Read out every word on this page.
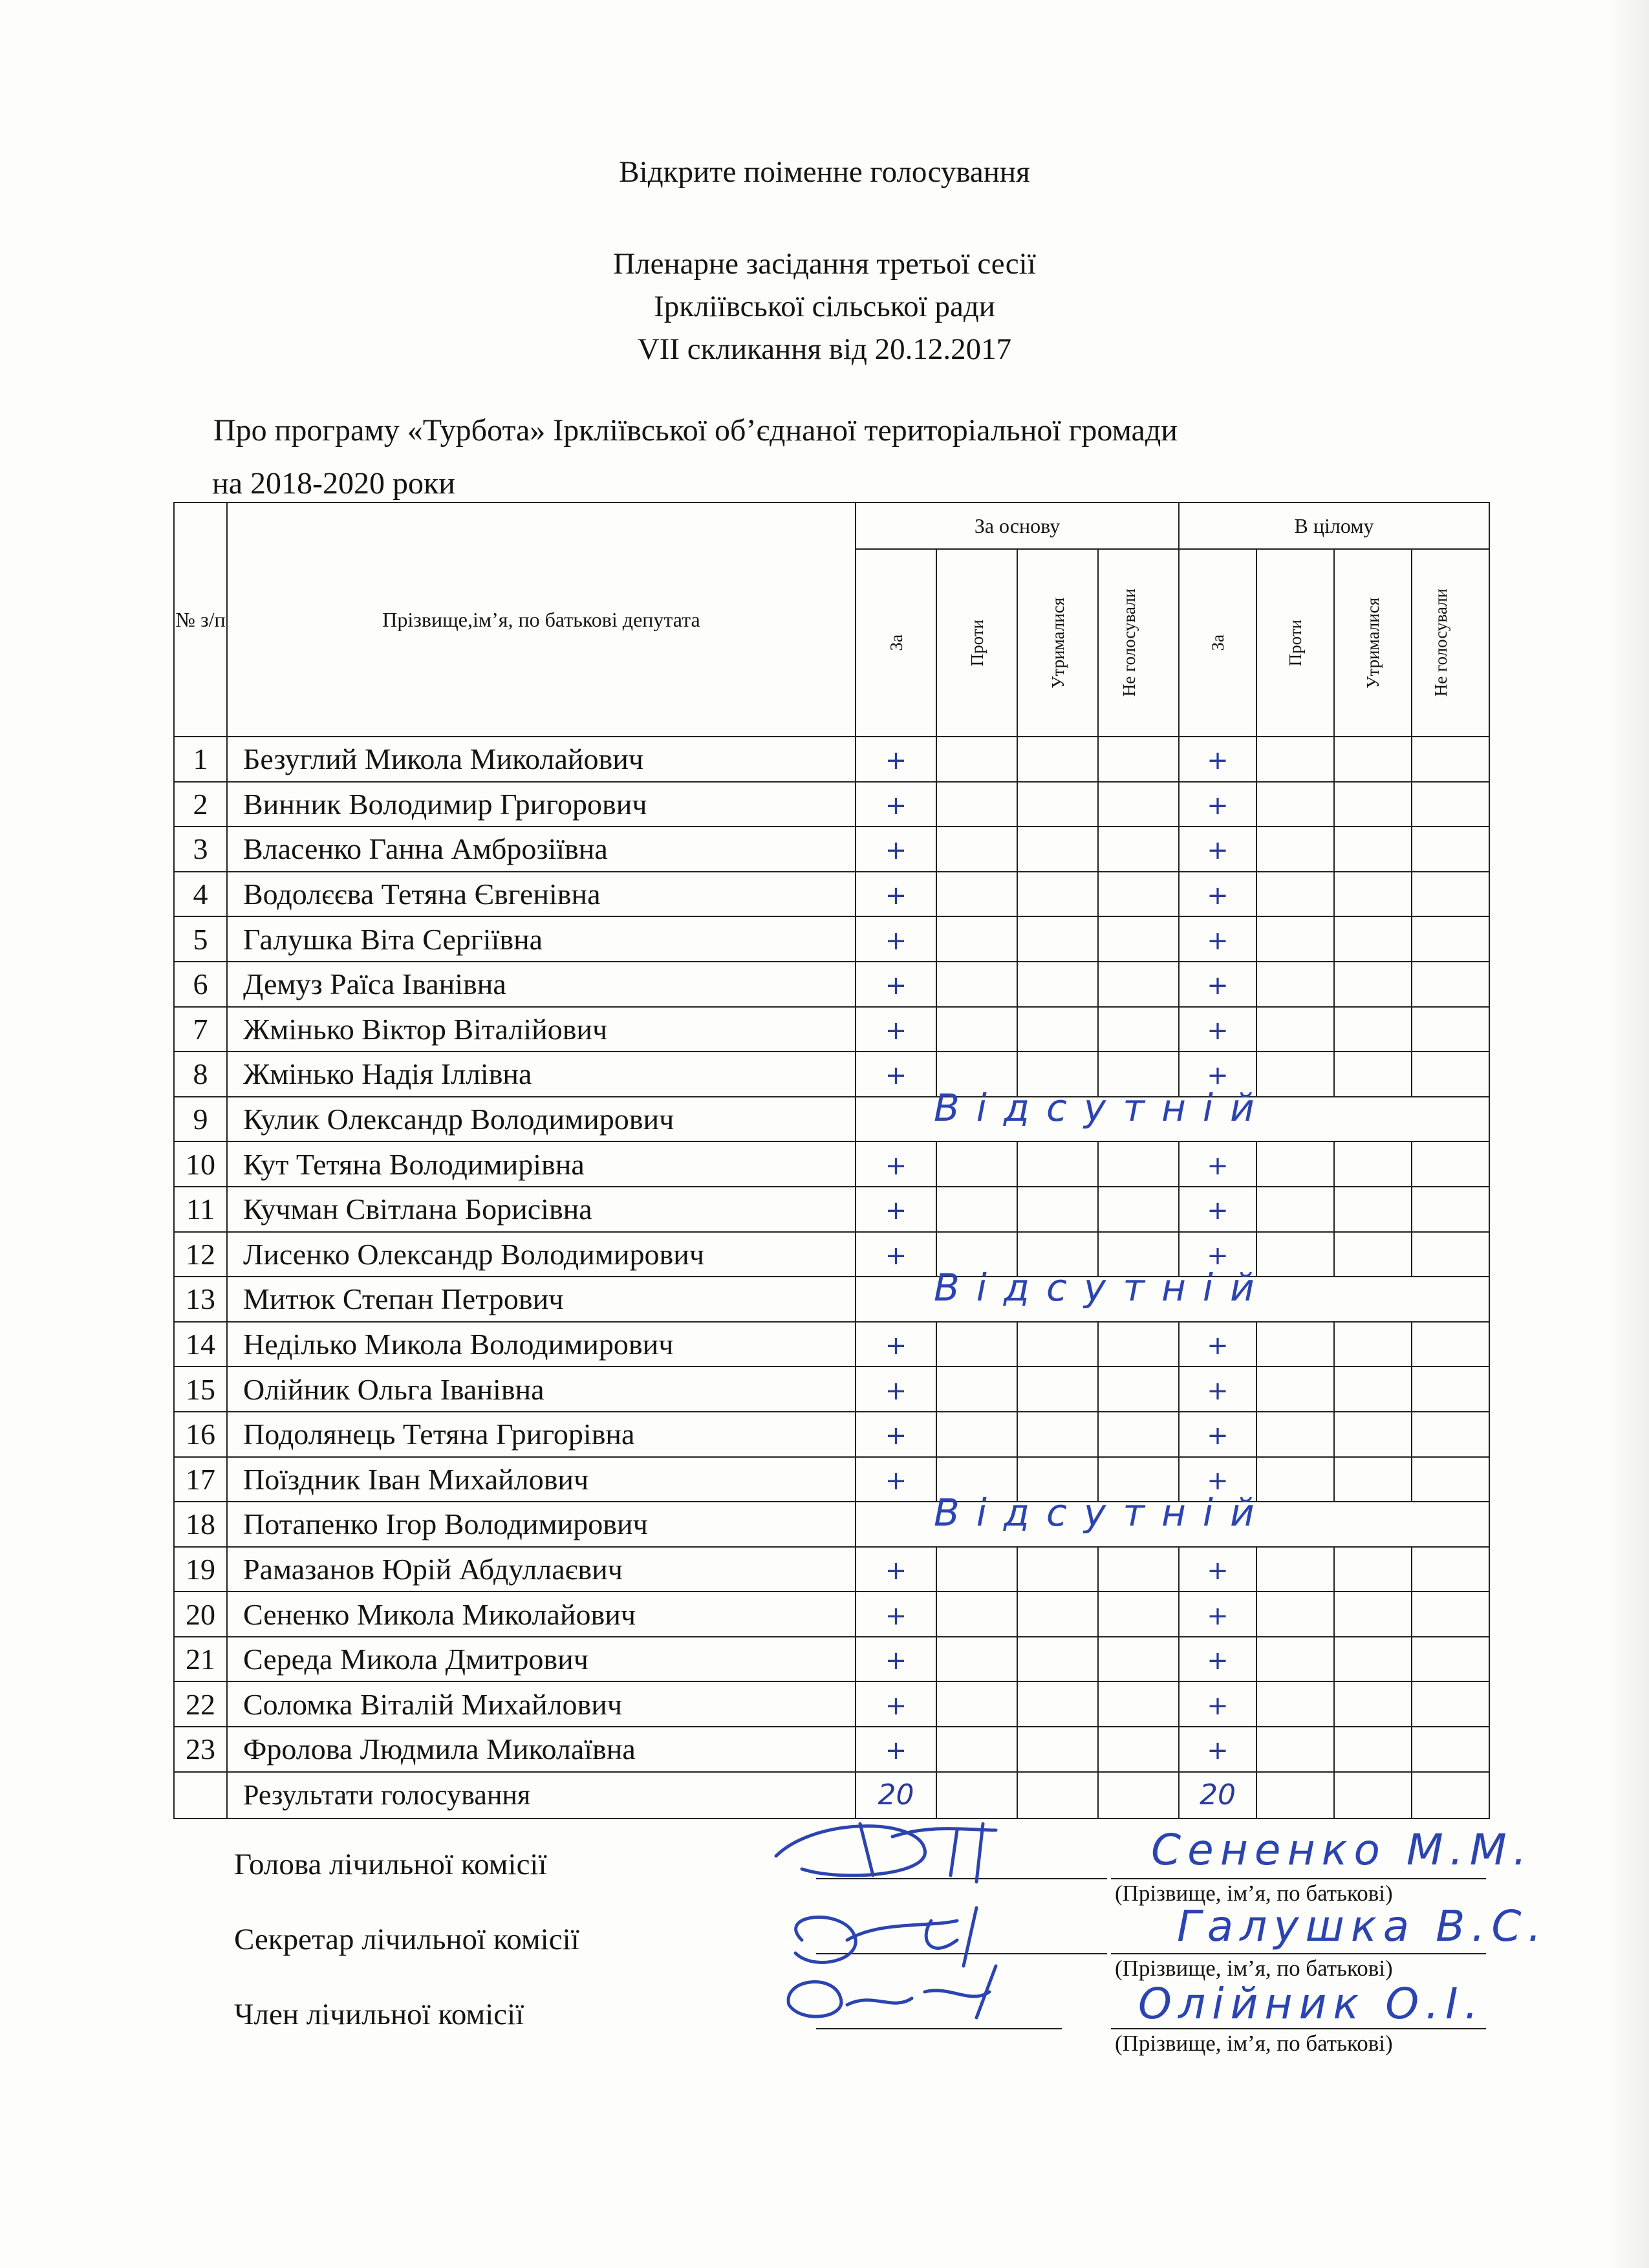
Відкрите поіменне голосування
Пленарне засідання третьої сесії
Ірклiївської сільської ради
VII скликання від 20.12.2017
Про програму «Турбота» Ірклiївської об’єднаної територіальної громади
на 2018-2020 роки
№ з/п	Прізвище,ім’я, по батькові депутата	За основу				В цілому			

		За	Проти	Утрималися	Не голосували	За	Проти	Утрималися	Не голосували

1	Безуглий Микола Миколайович	+				+			
2	Винник Володимир Григорович	+				+			
3	Власенко Ганна Амброзіївна	+				+			
4	Водолєєва Тетяна Євгенівна	+				+			
5	Галушка Віта Сергіївна	+				+			
6	Демуз Раїса Іванівна	+				+			
7	Жмінько Віктор Віталійович	+				+			
8	Жмінько Надія Іллівна	+				+			
9	Кулик Олександр Володимирович	Відсутній							

10	Кут Тетяна Володимирівна	+				+			
11	Кучман Світлана Борисівна	+				+			
12	Лисенко Олександр Володимирович	+				+			
13	Митюк Степан Петрович	Відсутній							

14	Неділько Микола Володимирович	+				+			
15	Олійник Ольга Іванівна	+				+			
16	Подолянець Тетяна Григорівна	+				+			
17	Поїздник Іван Михайлович	+				+			
18	Потапенко Ігор Володимирович	Відсутній							

19	Рамазанов Юрій Абдуллаєвич	+				+			
20	Сененко Микола Миколайович	+				+			
21	Середа Микола Дмитрович	+				+			
22	Соломка Віталій Михайлович	+				+			
23	Фролова Людмила Миколаївна	+				+			
	Результати голосування	20				20			
Голова лічильної комісії
Секретар лічильної комісії
Член лічильної комісії
(Прізвище, ім’я, по батькові)
(Прізвище, ім’я, по батькові)
(Прізвище, ім’я, по батькові)
Сененко М.М.
Галушка В.С.
Олійник О.І.
